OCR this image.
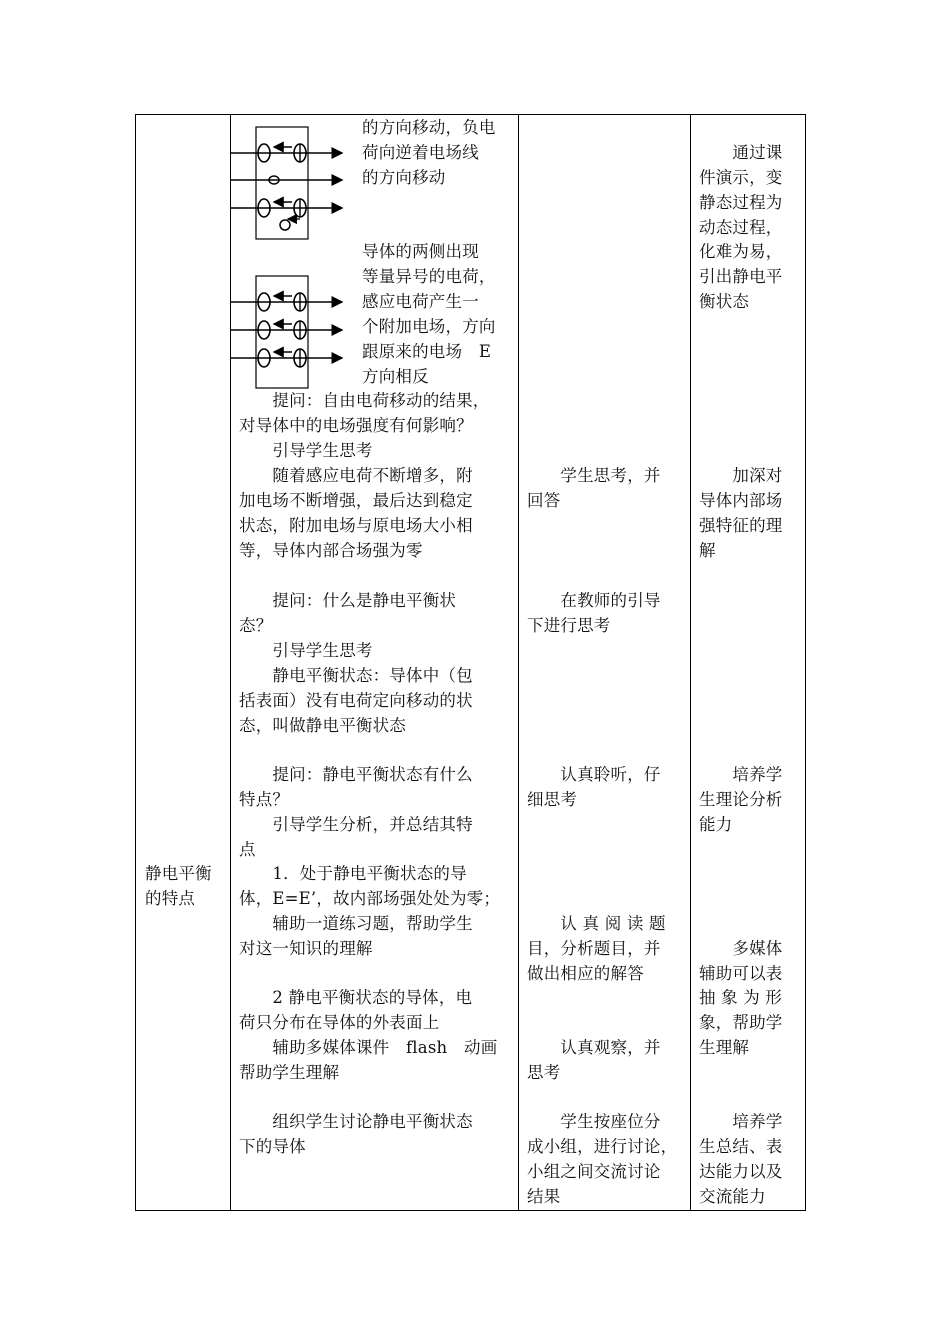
静电平衡
的特点
的方向移动，负电
荷向逆着电场线
的方向移动
导体的两侧出现
等量异号的电荷，
感应电荷产生一
个附加电场，方向
跟原来的电场　E
方向相反
　　提问：自由电荷移动的结果，
对导体中的电场强度有何影响？
　　引导学生思考
　　随着感应电荷不断增多，附
加电场不断增强，最后达到稳定
状态，附加电场与原电场大小相
等，导体内部合场强为零
　　提问：什么是静电平衡状
态？
　　引导学生思考
　　静电平衡状态：导体中（包
括表面）没有电荷定向移动的状
态，叫做静电平衡状态
　　提问：静电平衡状态有什么
特点？
　　引导学生分析，并总结其特
点
　　1．处于静电平衡状态的导
体，E=E’，故内部场强处处为零；
　　辅助一道练习题，帮助学生
对这一知识的理解
　　2 静电平衡状态的导体，电
荷只分布在导体的外表面上
　　辅助多媒体课件　flash　动画
帮助学生理解
　　组织学生讨论静电平衡状态
下的导体
　　学生思考，并
回答
　　在教师的引导
下进行思考
　　认真聆听，仔
细思考
　　认 真 阅 读 题
目，分析题目，并
做出相应的解答
　　认真观察，并
思考
　　学生按座位分
成小组，进行讨论，
小组之间交流讨论
结果
　　通过课
件演示，变
静态过程为
动态过程，
化难为易，
引出静电平
衡状态
　　加深对
导体内部场
强特征的理
解
　　培养学
生理论分析
能力
　　多媒体
辅助可以表
抽 象 为 形
象，帮助学
生理解
　　培养学
生总结、表
达能力以及
交流能力
